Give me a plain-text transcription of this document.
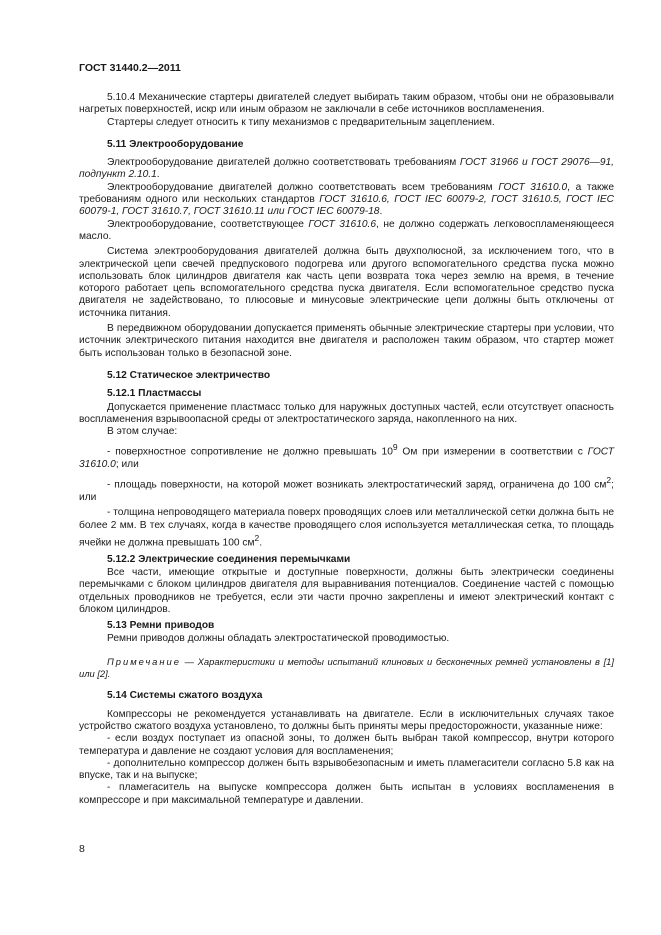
ГОСТ 31440.2—2011

5.10.4 Механические стартеры двигателей следует выбирать таким образом, чтобы они не образовывали нагретых поверхностей, искр или иным образом не заключали в себе источников воспламенения.

Стартеры следует относить к типу механизмов с предварительным зацеплением.

5.11 Электрооборудование

Электрооборудование двигателей должно соответствовать требованиям ГОСТ 31966 и ГОСТ 29076—91, подпункт 2.10.1.

Электрооборудование двигателей должно соответствовать всем требованиям ГОСТ 31610.0, а также требованиям одного или нескольких стандартов ГОСТ 31610.6, ГОСТ IEC 60079-2, ГОСТ 31610.5, ГОСТ IEC 60079-1, ГОСТ 31610.7, ГОСТ 31610.11 или ГОСТ IEC 60079-18.

Электрооборудование, соответствующее ГОСТ 31610.6, не должно содержать легковоспламеняющееся масло.

Система электрооборудования двигателей должна быть двухполюсной, за исключением того, что в электрической цепи свечей предпускового подогрева или другого вспомогательного средства пуска можно использовать блок цилиндров двигателя как часть цепи возврата тока через землю на время, в течение которого работает цепь вспомогательного средства пуска двигателя. Если вспомогательное средство пуска двигателя не задействовано, то плюсовые и минусовые электрические цепи должны быть отключены от источника питания.

В передвижном оборудовании допускается применять обычные электрические стартеры при условии, что источник электрического питания находится вне двигателя и расположен таким образом, что стартер может быть использован только в безопасной зоне.

5.12 Статическое электричество
5.12.1 Пластмассы

Допускается применение пластмасс только для наружных доступных частей, если отсутствует опасность воспламенения взрывоопасной среды от электростатического заряда, накопленного на них.

В этом случае:

- поверхностное сопротивление не должно превышать $10^9$ Ом при измерении в соответствии с ГОСТ 31610.0; или

- площадь поверхности, на которой может возникать электростатический заряд, ограничена до 100 $см^2$; или

- толщина непроводящего материала поверх проводящих слоев или металлической сетки должна быть не более 2 мм. В тех случаях, когда в качестве проводящего слоя используется металлическая сетка, то площадь ячейки не должна превышать 100 $см^2$.

5.12.2 Электрические соединения перемычками

Все части, имеющие открытые и доступные поверхности, должны быть электрически соединены перемычками с блоком цилиндров двигателя для выравнивания потенциалов. Соединение частей с помощью отдельных проводников не требуется, если эти части прочно закреплены и имеют электрический контакт с блоком цилиндров.

5.13 Ремни приводов

Ремни приводов должны обладать электростатической проводимостью.

Примечание — Характеристики и методы испытаний клиновых и бесконечных ремней установлены в [1] или [2].

5.14 Системы сжатого воздуха

Компрессоры не рекомендуется устанавливать на двигателе. Если в исключительных случаях такое устройство сжатого воздуха установлено, то должны быть приняты меры предосторожности, указанные ниже:

- если воздух поступает из опасной зоны, то должен быть выбран такой компрессор, внутри которого температура и давление не создают условия для воспламенения;

- дополнительно компрессор должен быть взрывобезопасным и иметь пламегасители согласно 5.8 как на впуске, так и на выпуске;

- пламегаситель на выпуске компрессора должен быть испытан в условиях воспламенения в компрессоре и при максимальной температуре и давлении.

8
